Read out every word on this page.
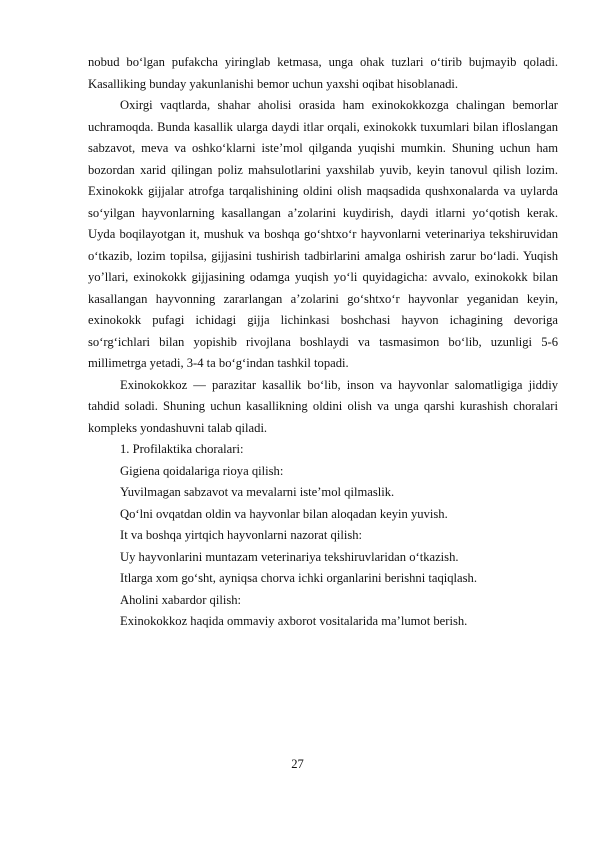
nobud bo‘lgan pufakcha yiringlab ketmasa, unga ohak tuzlari o‘tirib bujmayib qoladi. Kasalliking bunday yakunlanishi bemor uchun yaxshi oqibat hisoblanadi.

Oxirgi vaqtlarda, shahar aholisi orasida ham exinokokkozga chalingan bemorlar uchramoqda. Bunda kasallik ularga daydi itlar orqali, exinokokk tuxumlari bilan ifloslangan sabzavot, meva va oshko‘klarni iste’mol qilganda yuqishi mumkin. Shuning uchun ham bozordan xarid qilingan poliz mahsulotlarini yaxshilab yuvib, keyin tanovul qilish lozim. Exinokokk gijjalar atrofga tarqalishining oldini olish maqsadida qushxonalarda va uylarda so‘yilgan hayvonlarning kasallangan a’zolarini kuydirish, daydi itlarni yo‘qotish kerak. Uyda boqilayotgan it, mushuk va boshqa go‘shtxo‘r hayvonlarni veterinariya tekshiruvidan o‘tkazib, lozim topilsa, gijjasini tushirish tadbirlarini amalga oshirish zarur bo‘ladi. Yuqish yo’llari, exinokokk gijjasining odamga yuqish yo‘li quyidagicha: avvalo, exinokokk bilan kasallangan hayvonning zararlangan a’zolarini go‘shtxo‘r hayvonlar yeganidan keyin, exinokokk pufagi ichidagi gijja lichinkasi boshchasi hayvon ichagining devoriga so‘rg‘ichlari bilan yopishib rivojlana boshlaydi va tasmasimon bo‘lib, uzunligi 5-6 millimetrga yetadi, 3-4 ta bo‘g‘indan tashkil topadi.

Exinokokkoz — parazitar kasallik bo‘lib, inson va hayvonlar salomatligiga jiddiy tahdid soladi. Shuning uchun kasallikning oldini olish va unga qarshi kurashish choralari kompleks yondashuvni talab qiladi.

1. Profilaktika choralari:

Gigiena qoidalariga rioya qilish:

Yuvilmagan sabzavot va mevalarni iste’mol qilmaslik.

Qo‘lni ovqatdan oldin va hayvonlar bilan aloqadan keyin yuvish.

It va boshqa yirtqich hayvonlarni nazorat qilish:

Uy hayvonlarini muntazam veterinariya tekshiruvlaridan o‘tkazish.

Itlarga xom go‘sht, ayniqsa chorva ichki organlarini berishni taqiqlash.

Aholini xabardor qilish:

Exinokokkoz haqida ommaviy axborot vositalarida ma’lumot berish.

27
